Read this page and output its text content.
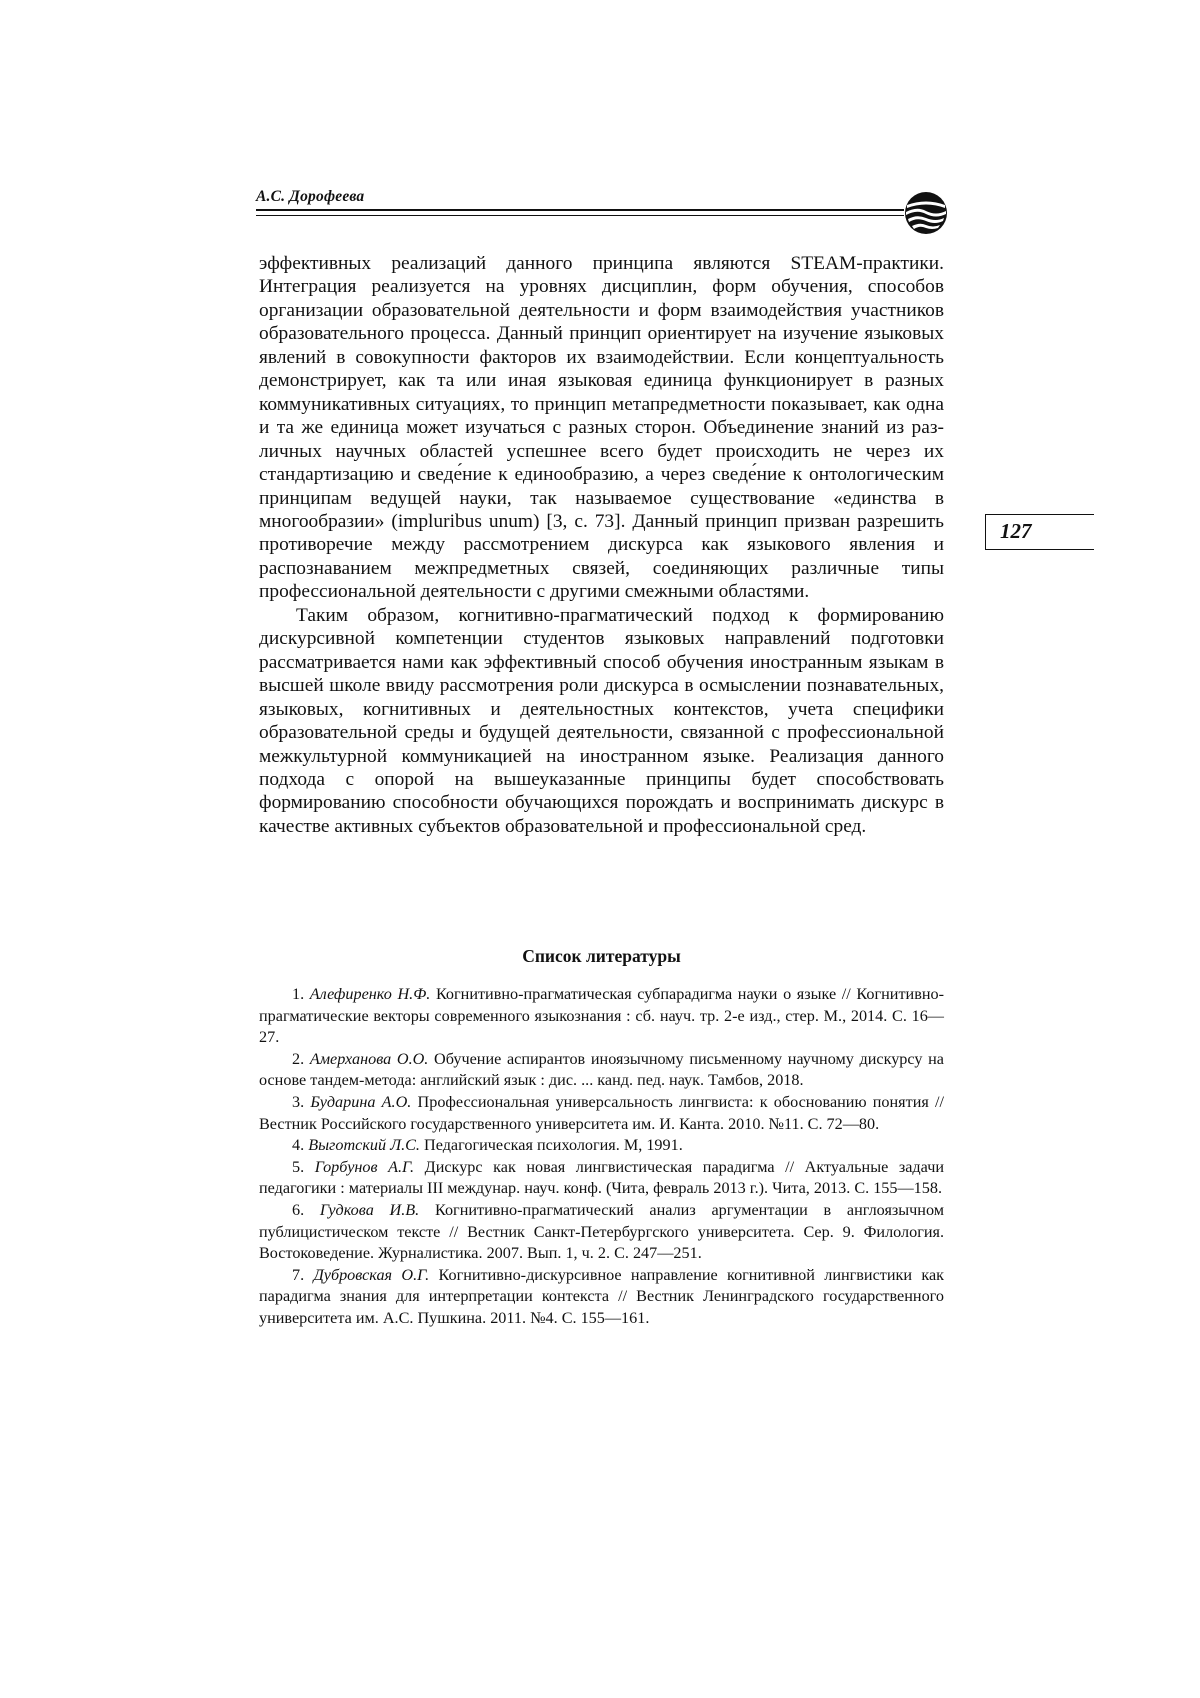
А.С. Дорофеева

эффективных реализаций данного принципа являются STEAM-практики. Интеграция реализуется на уровнях дисциплин, форм обучения, способов организации образовательной деятельности и форм взаимодействия участников образовательного процесса. Данный принцип ориентирует на изучение языковых явлений в совокупности факторов их взаимодействии. Если концептуальность демонстрирует, как та или иная языковая единица функционирует в разных коммуникативных ситуациях, то принцип метапредметности показывает, как одна и та же единица может изучаться с разных сторон. Объединение знаний из различных научных областей успешнее всего будет происходить не через их стандартизацию и сведе́ние к единообразию, а через сведе́ние к онтологическим принципам ведущей науки, так называемое существование «единства в многообразии» (impluribus unum) [3, с. 73]. Данный принцип призван разрешить противоречие между рассмотрением дискурса как языкового явления и распознаванием межпредметных связей, соединяющих различные типы профессиональной деятельности с другими смежными областями.

Таким образом, когнитивно-прагматический подход к формированию дискурсивной компетенции студентов языковых направлений подготовки рассматривается нами как эффективный способ обучения иностранным языкам в высшей школе ввиду рассмотрения роли дискурса в осмыслении познавательных, языковых, когнитивных и деятельностных контекстов, учета специфики образовательной среды и будущей деятельности, связанной с профессиональной межкультурной коммуникацией на иностранном языке. Реализация данного подхода с опорой на вышеуказанные принципы будет способствовать формированию способности обучающихся порождать и воспринимать дискурс в качестве активных субъектов образовательной и профессиональной сред.

127
Список литературы

1. Алефиренко Н.Ф. Когнитивно-прагматическая субпарадигма науки о языке // Когнитивно-прагматические векторы современного языкознания : сб. науч. тр. 2-е изд., стер. М., 2014. С. 16—27.

2. Амерханова О.О. Обучение аспирантов иноязычному письменному научному дискурсу на основе тандем-метода: английский язык : дис. ... канд. пед. наук. Тамбов, 2018.

3. Бударина А.О. Профессиональная универсальность лингвиста: к обоснованию понятия // Вестник Российского государственного университета им. И. Канта. 2010. №11. С. 72—80.

4. Выготский Л.С. Педагогическая психология. М, 1991.

5. Горбунов А.Г. Дискурс как новая лингвистическая парадигма // Актуальные задачи педагогики : материалы III междунар. науч. конф. (Чита, февраль 2013 г.). Чита, 2013. С. 155—158.

6. Гудкова И.В. Когнитивно-прагматический анализ аргументации в англоязычном публицистическом тексте // Вестник Санкт-Петербургского университета. Сер. 9. Филология. Востоковедение. Журналистика. 2007. Вып. 1, ч. 2. С. 247—251.

7. Дубровская О.Г. Когнитивно-дискурсивное направление когнитивной лингвистики как парадигма знания для интерпретации контекста // Вестник Ленинградского государственного университета им. А.С. Пушкина. 2011. №4. С. 155—161.
